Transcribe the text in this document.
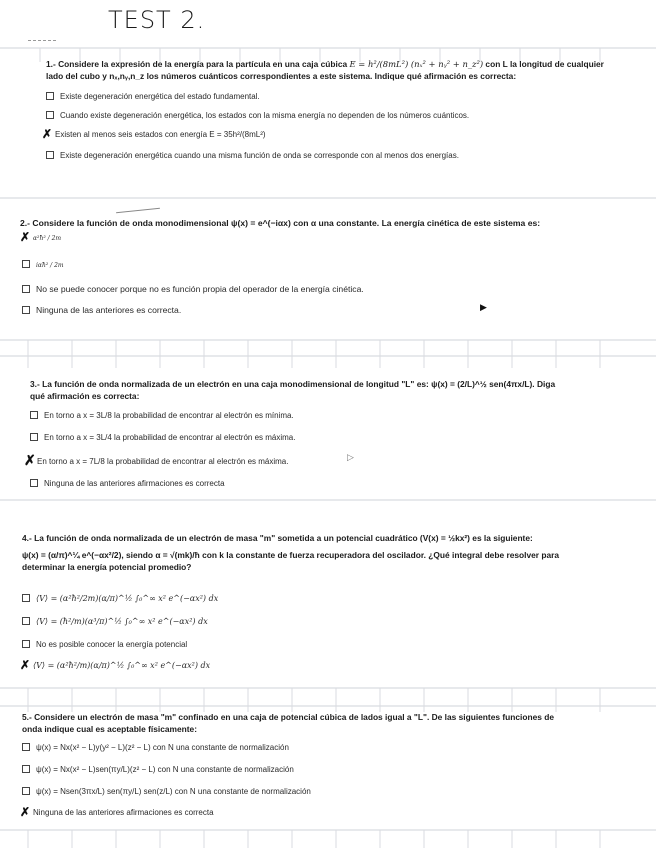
TEST 2.
1.- Considere la expresión de la energía para la partícula en una caja cúbica E = h²/(8mL²) (nₓ² + nᵧ² + n_z²) con L la longitud de cualquier
lado del cubo y nₓ,nᵧ,n_z los números cuánticos correspondientes a este sistema. Indique qué afirmación es correcta:
Existe degeneración energética del estado fundamental.
Cuando existe degeneración energética, los estados con la misma energía no dependen de los números cuánticos.
✗ Existen al menos seis estados con energía E = 35h²/(8mL²)
Existe degeneración energética cuando una misma función de onda se corresponde con al menos dos energías.
2.- Considere la función de onda monodimensional ψ(x) = e^(−iαx) con α una constante. La energía cinética de este sistema es:
✗ α²ħ² / 2m
iαħ² / 2m
No se puede conocer porque no es función propia del operador de la energía cinética.
Ninguna de las anteriores es correcta.	▶
3.- La función de onda normalizada de un electrón en una caja monodimensional de longitud "L" es: ψ(x) = (2/L)^½ sen(4πx/L). Diga
qué afirmación es correcta:
En torno a x = 3L/8 la probabilidad de encontrar al electrón es mínima.
En torno a x = 3L/4 la probabilidad de encontrar al electrón es máxima.
✗En torno a x = 7L/8 la probabilidad de encontrar al electrón es máxima.
Ninguna de las anteriores afirmaciones es correcta
▷
4.- La función de onda normalizada de un electrón de masa "m" sometida a un potencial cuadrático (V(x) = ½kx²) es la siguiente:
ψ(x) = (α/π)^¼ e^(−αx²/2), siendo α = √(mk)/ħ con k la constante de fuerza recuperadora del oscilador. ¿Qué integral debe resolver para
determinar la energía potencial promedio?
⟨V⟩ = (α²ħ²/2m)(α/π)^½ ∫₀^∞ x² e^(−αx²) dx
⟨V⟩ = (ħ²/m)(α³/π)^½ ∫₀^∞ x² e^(−αx²) dx
No es posible conocer la energía potencial
✗ ⟨V⟩ = (α²ħ²/m)(α/π)^½ ∫₀^∞ x² e^(−αx²) dx
5.- Considere un electrón de masa "m" confinado en una caja de potencial cúbica de lados igual a "L". De las siguientes funciones de
onda indique cual es aceptable físicamente:
ψ(x) = Nx(x² − L)y(y² − L)(z² − L) con N una constante de normalización
ψ(x) = Nx(x² − L)sen(πy/L)(z² − L) con N una constante de normalización
ψ(x) = Nsen(3πx/L) sen(πy/L) sen(z/L) con N una constante de normalización
✗ Ninguna de las anteriores afirmaciones es correcta
